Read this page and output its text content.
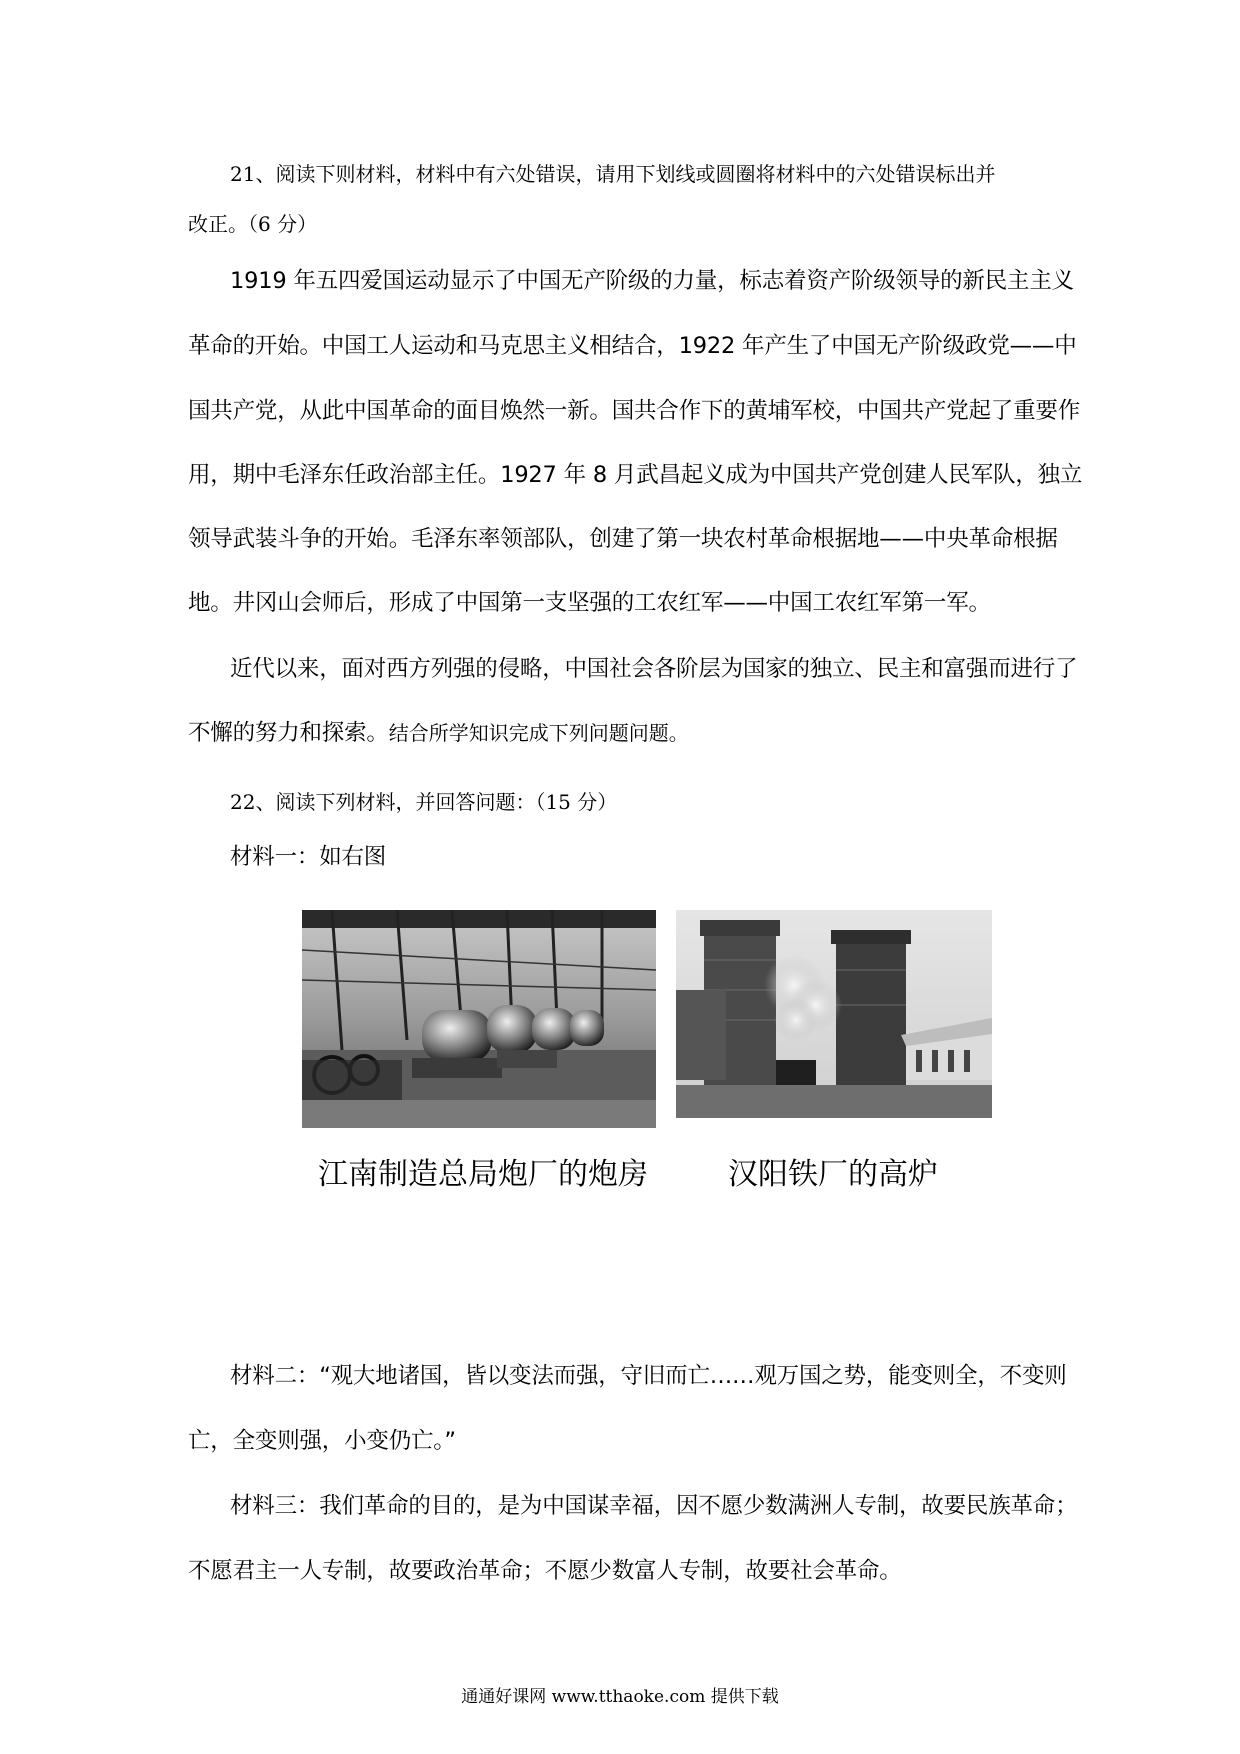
21、阅读下则材料，材料中有六处错误，请用下划线或圆圈将材料中的六处错误标出并
改正。（6 分）
1919 年五四爱国运动显示了中国无产阶级的力量，标志着资产阶级领导的新民主主义
革命的开始。中国工人运动和马克思主义相结合，1922 年产生了中国无产阶级政党——中
国共产党，从此中国革命的面目焕然一新。国共合作下的黄埔军校，中国共产党起了重要作
用，期中毛泽东任政治部主任。1927 年 8 月武昌起义成为中国共产党创建人民军队，独立
领导武装斗争的开始。毛泽东率领部队，创建了第一块农村革命根据地——中央革命根据
地。井冈山会师后，形成了中国第一支坚强的工农红军——中国工农红军第一军。
近代以来，面对西方列强的侵略，中国社会各阶层为国家的独立、民主和富强而进行了
不懈的努力和探索。结合所学知识完成下列问题问题。
22、阅读下列材料，并回答问题：（15 分）
材料一：如右图
江南制造总局炮厂的炮房	汉阳铁厂的高炉
材料二：“观大地诸国，皆以变法而强，守旧而亡……观万国之势，能变则全，不变则
亡，全变则强，小变仍亡。”
材料三：我们革命的目的，是为中国谋幸福，因不愿少数满洲人专制，故要民族革命；
不愿君主一人专制，故要政治革命；不愿少数富人专制，故要社会革命。
通通好课网 www.tthaoke.com 提供下载
